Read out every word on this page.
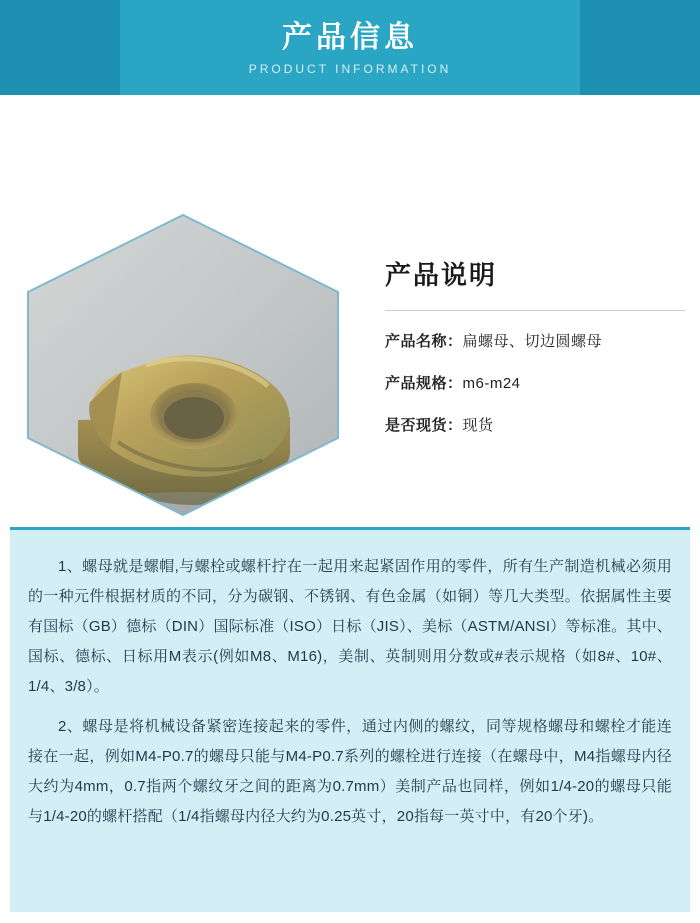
产品信息
PRODUCT INFORMATION
产品说明
产品名称：扁螺母、切边圆螺母
产品规格：m6-m24
是否现货：现货

1、螺母就是螺帽,与螺栓或螺杆拧在一起用来起紧固作用的零件，所有生产制造机械必须用的一种元件根据材质的不同，分为碳钢、不锈钢、有色金属（如铜）等几大类型。依据属性主要有国标（GB）德标（DIN）国际标准（ISO）日标（JIS）、美标（ASTM/ANSI）等标准。其中、国标、德标、日标用M表示(例如M8、M16)，美制、英制则用分数或#表示规格（如8#、10#、1/4、3/8）。

2、螺母是将机械设备紧密连接起来的零件，通过内侧的螺纹，同等规格螺母和螺栓才能连接在一起，例如M4-P0.7的螺母只能与M4-P0.7系列的螺栓进行连接（在螺母中，M4指螺母内径大约为4mm，0.7指两个螺纹牙之间的距离为0.7mm）美制产品也同样，例如1/4-20的螺母只能与1/4-20的螺杆搭配（1/4指螺母内径大约为0.25英寸，20指每一英寸中，有20个牙)。
